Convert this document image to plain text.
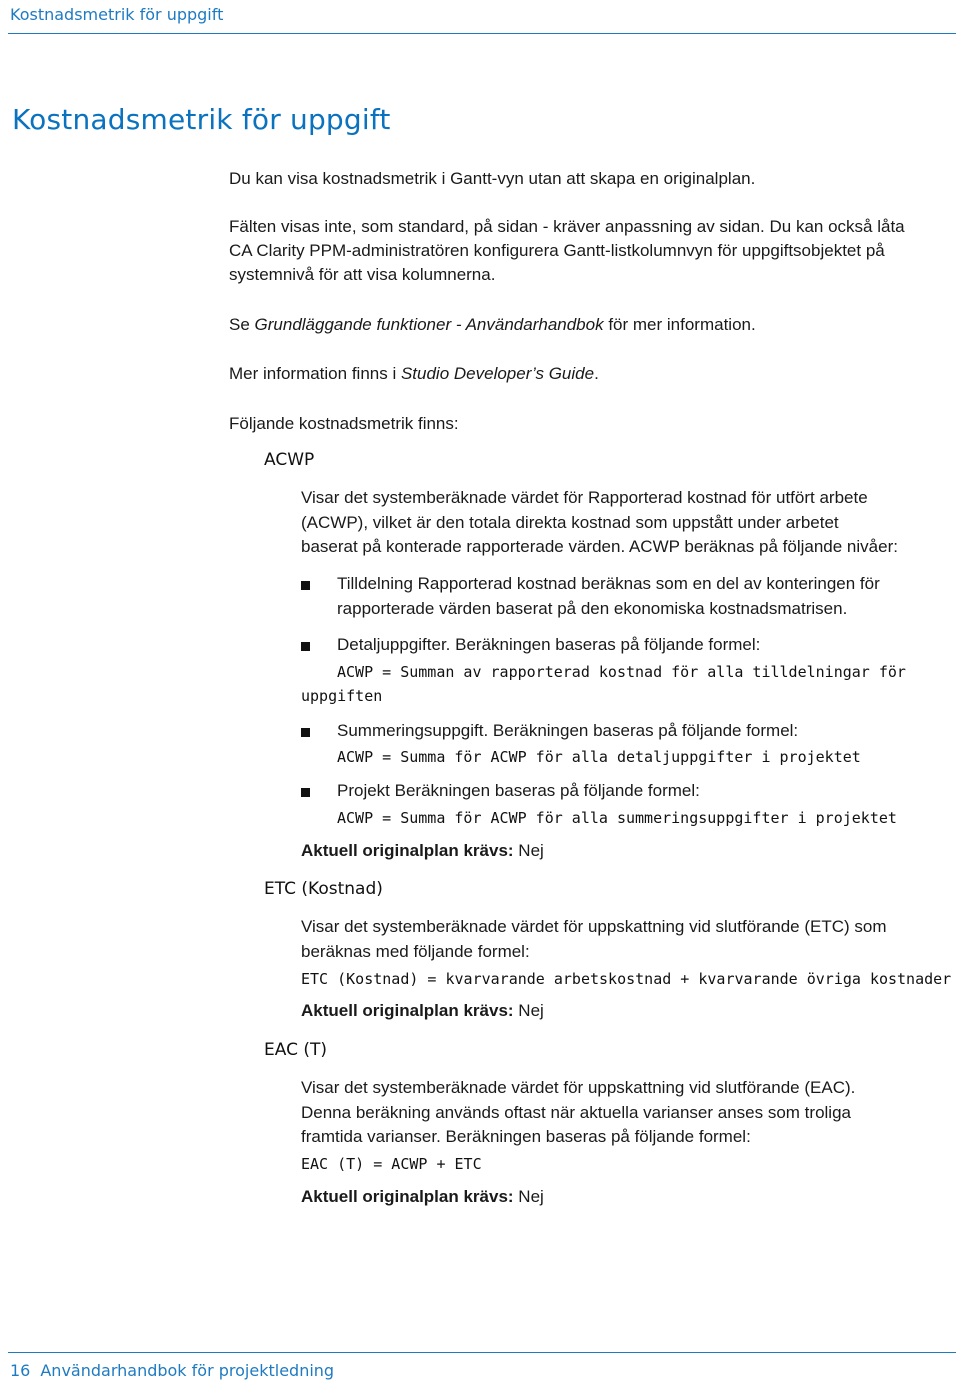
Kostnadsmetrik för uppgift
Kostnadsmetrik för uppgift

Du kan visa kostnadsmetrik i Gantt-vyn utan att skapa en originalplan.

Fälten visas inte, som standard, på sidan - kräver anpassning av sidan. Du kan också låta
CA Clarity PPM-administratören konfigurera Gantt-listkolumnvyn för uppgiftsobjektet på
systemnivå för att visa kolumnerna.

Se Grundläggande funktioner - Användarhandbok för mer information.

Mer information finns i Studio Developer’s Guide.

Följande kostnadsmetrik finns:

ACWP
Visar det systemberäknade värdet för Rapporterad kostnad för utfört arbete
(ACWP), vilket är den totala direkta kostnad som uppstått under arbetet
baserat på konterade rapporterade värden. ACWP beräknas på följande nivåer:
Tilldelning Rapporterad kostnad beräknas som en del av konteringen för
rapporterade värden baserat på den ekonomiska kostnadsmatrisen.
Detaljuppgifter. Beräkningen baseras på följande formel:
ACWP = Summan av rapporterad kostnad för alla tilldelningar för
uppgiften
Summeringsuppgift. Beräkningen baseras på följande formel:
ACWP = Summa för ACWP för alla detaljuppgifter i projektet
Projekt Beräkningen baseras på följande formel:
ACWP = Summa för ACWP för alla summeringsuppgifter i projektet
Aktuell originalplan krävs: Nej
ETC (Kostnad)
Visar det systemberäknade värdet för uppskattning vid slutförande (ETC) som
beräknas med följande formel:
ETC (Kostnad) = kvarvarande arbetskostnad + kvarvarande övriga kostnader
Aktuell originalplan krävs: Nej
EAC (T)
Visar det systemberäknade värdet för uppskattning vid slutförande (EAC).
Denna beräkning används oftast när aktuella varianser anses som troliga
framtida varianser. Beräkningen baseras på följande formel:
EAC (T) = ACWP + ETC
Aktuell originalplan krävs: Nej
16 Användarhandbok för projektledning
